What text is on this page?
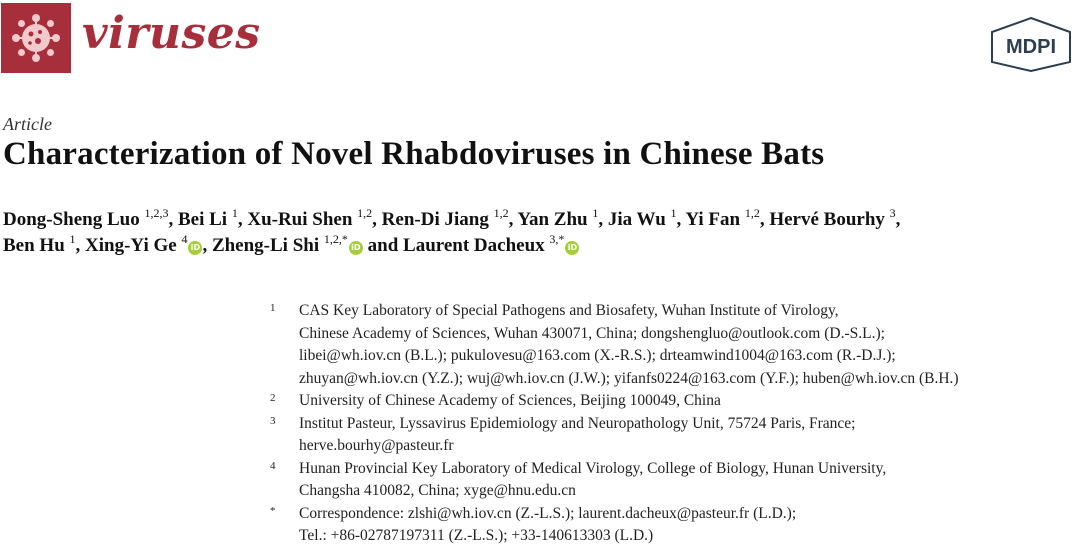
viruses	MDPI
Article
Characterization of Novel Rhabdoviruses in Chinese Bats
Dong-Sheng Luo $^{1,2,3}$, Bei Li $^1$, Xu-Rui Shen $^{1,2}$, Ren-Di Jiang $^{1,2}$, Yan Zhu $^1$, Jia Wu $^1$, Yi Fan $^{1,2}$, Hervé Bourhy $^3$,
Ben Hu $^1$, Xing-Yi Ge $^4$iD , Zheng-Li Shi $^{1,2,*}$iD and Laurent Dacheux $^{3,*}$iD
1	CAS Key Laboratory of Special Pathogens and Biosafety, Wuhan Institute of Virology,
Chinese Academy of Sciences, Wuhan 430071, China; dongshengluo@outlook.com (D.-S.L.);
libei@wh.iov.cn (B.L.); pukulovesu@163.com (X.-R.S.); drteamwind1004@163.com (R.-D.J.);
zhuyan@wh.iov.cn (Y.Z.); wuj@wh.iov.cn (J.W.); yifanfs0224@163.com (Y.F.); huben@wh.iov.cn (B.H.)
2	University of Chinese Academy of Sciences, Beijing 100049, China
3	Institut Pasteur, Lyssavirus Epidemiology and Neuropathology Unit, 75724 Paris, France;
herve.bourhy@pasteur.fr
4	Hunan Provincial Key Laboratory of Medical Virology, College of Biology, Hunan University,
Changsha 410082, China; xyge@hnu.edu.cn
*	Correspondence: zlshi@wh.iov.cn (Z.-L.S.); laurent.dacheux@pasteur.fr (L.D.);
Tel.: +86-02787197311 (Z.-L.S.); +33-140613303 (L.D.)
